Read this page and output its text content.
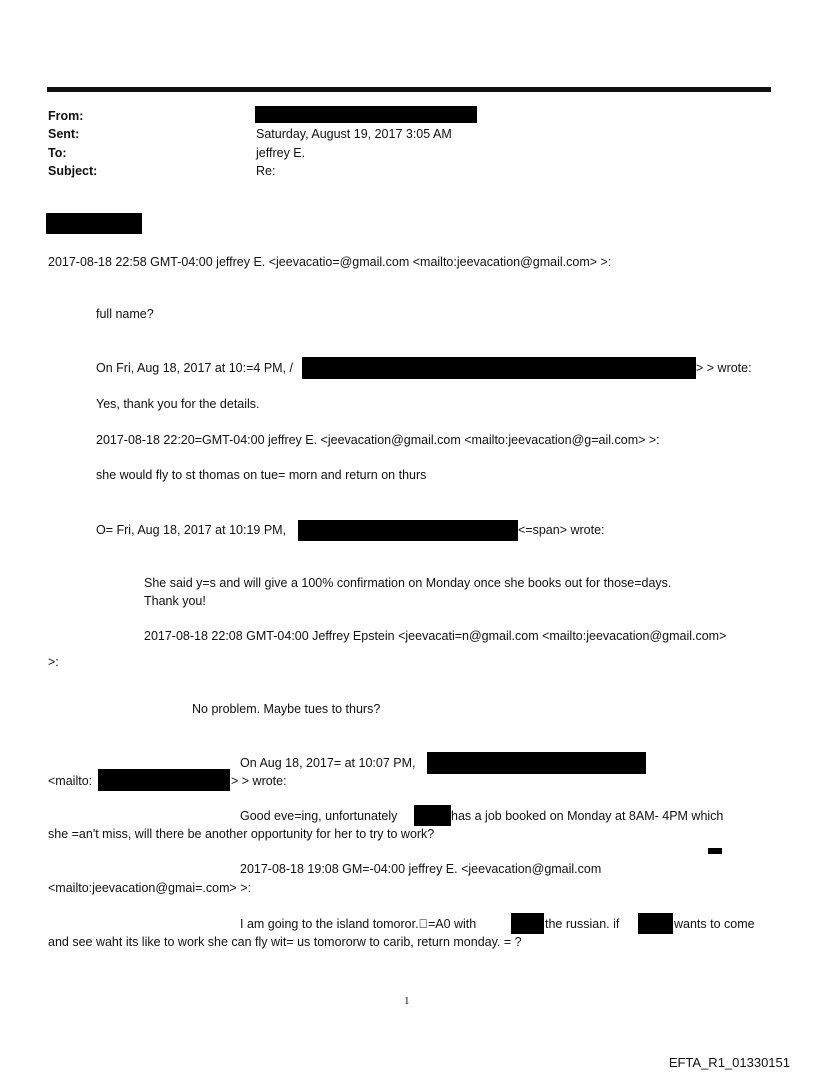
From:
Sent:	Saturday, August 19, 2017 3:05 AM
To:	jeffrey E.
Subject:	Re:
2017-08-18 22:58 GMT-04:00 jeffrey E. <jeevacatio=@gmail.com <mailto:jeevacation@gmail.com> >:
full name?
On Fri, Aug 18, 2017 at 10:=4 PM, /	> > wrote:
Yes, thank you for the details.
2017-08-18 22:20=GMT-04:00 jeffrey E. <jeevacation@gmail.com <mailto:jeevacation@g=ail.com> >:
she would fly to st thomas on tue= morn and return on thurs
O= Fri, Aug 18, 2017 at 10:19 PM,	<=span> wrote:
She said y=s and will give a 100% confirmation on Monday once she books out for those=days.
Thank you!
2017-08-18 22:08 GMT-04:00 Jeffrey Epstein <jeevacati=n@gmail.com <mailto:jeevacation@gmail.com>
>:
No problem. Maybe tues to thurs?
On Aug 18, 2017= at 10:07 PM,
<mailto:	> > wrote:
Good eve=ing, unfortunately	has a job booked on Monday at 8AM- 4PM which
she =an't miss, will there be another opportunity for her to try to work?
2017-08-18 19:08 GM=-04:00 jeffrey E. <jeevacation@gmail.com
<mailto:jeevacation@gmai=.com> >:
I am going to the island tomoror. =A0 with	the russian. if	wants to come
and see waht its like to work she can fly wit= us tomororw to carib, return monday. = ?
1
EFTA_R1_01330151
